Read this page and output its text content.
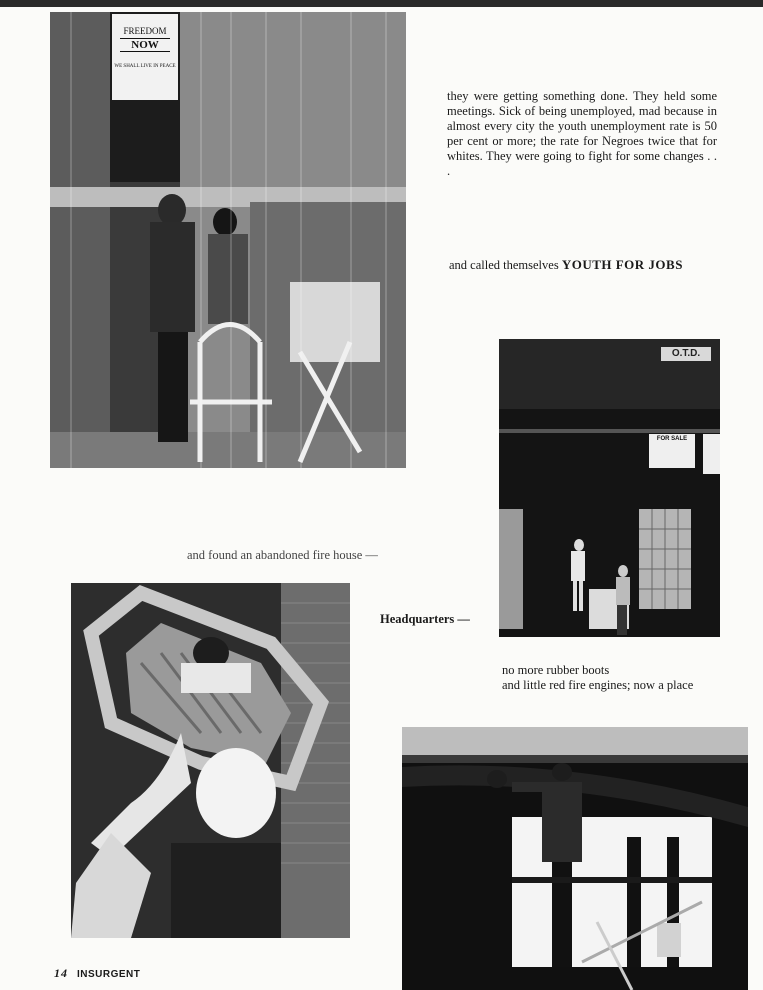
FREEDOM
NOW
WE SHALL LIVE IN PEACE

they were getting something done. They held some meetings. Sick of being unemployed, mad because in almost every city the youth unemployment rate is 50 per cent or more; the rate for Negroes twice that for whites. They were going to fight for some changes . . .

and called themselves YOUTH FOR JOBS
O.T.D.
FOR SALE
and found an abandoned fire house —
Headquarters —
no more rubber boots
and little red fire engines; now a place
14 INSURGENT
